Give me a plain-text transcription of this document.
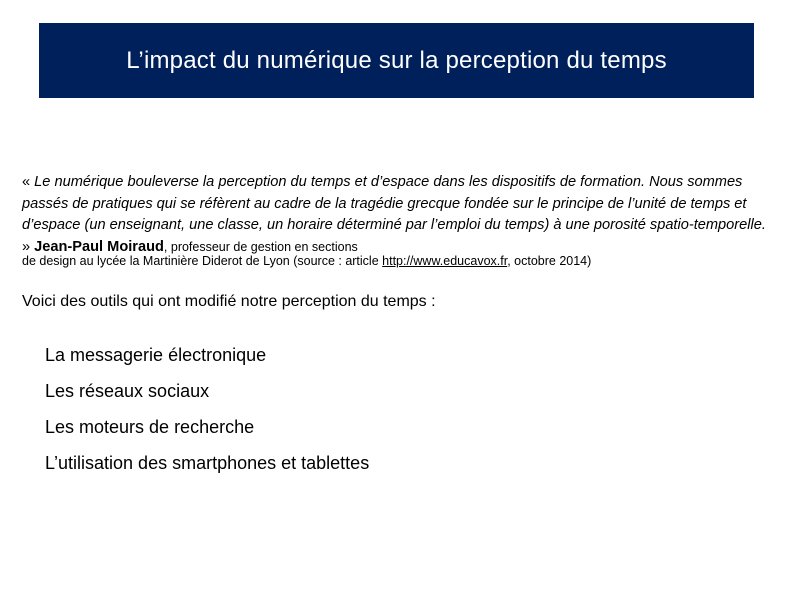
L’impact du numérique sur la perception du temps
« Le numérique bouleverse la perception du temps et d’espace dans les dispositifs de formation. Nous sommes passés de pratiques qui se réfèrent au cadre de la tragédie grecque fondée sur le principe de l’unité de temps et d’espace (un enseignant, une classe, un horaire déterminé par l’emploi du temps) à une porosité spatio-temporelle. » Jean-Paul Moiraud, professeur de gestion en sections
de design au lycée la Martinière Diderot de Lyon (source : article http://www.educavox.fr, octobre 2014)
Voici des outils qui ont modifié notre perception du temps :
La messagerie électronique
Les réseaux sociaux
Les moteurs de recherche
L’utilisation des smartphones et tablettes
